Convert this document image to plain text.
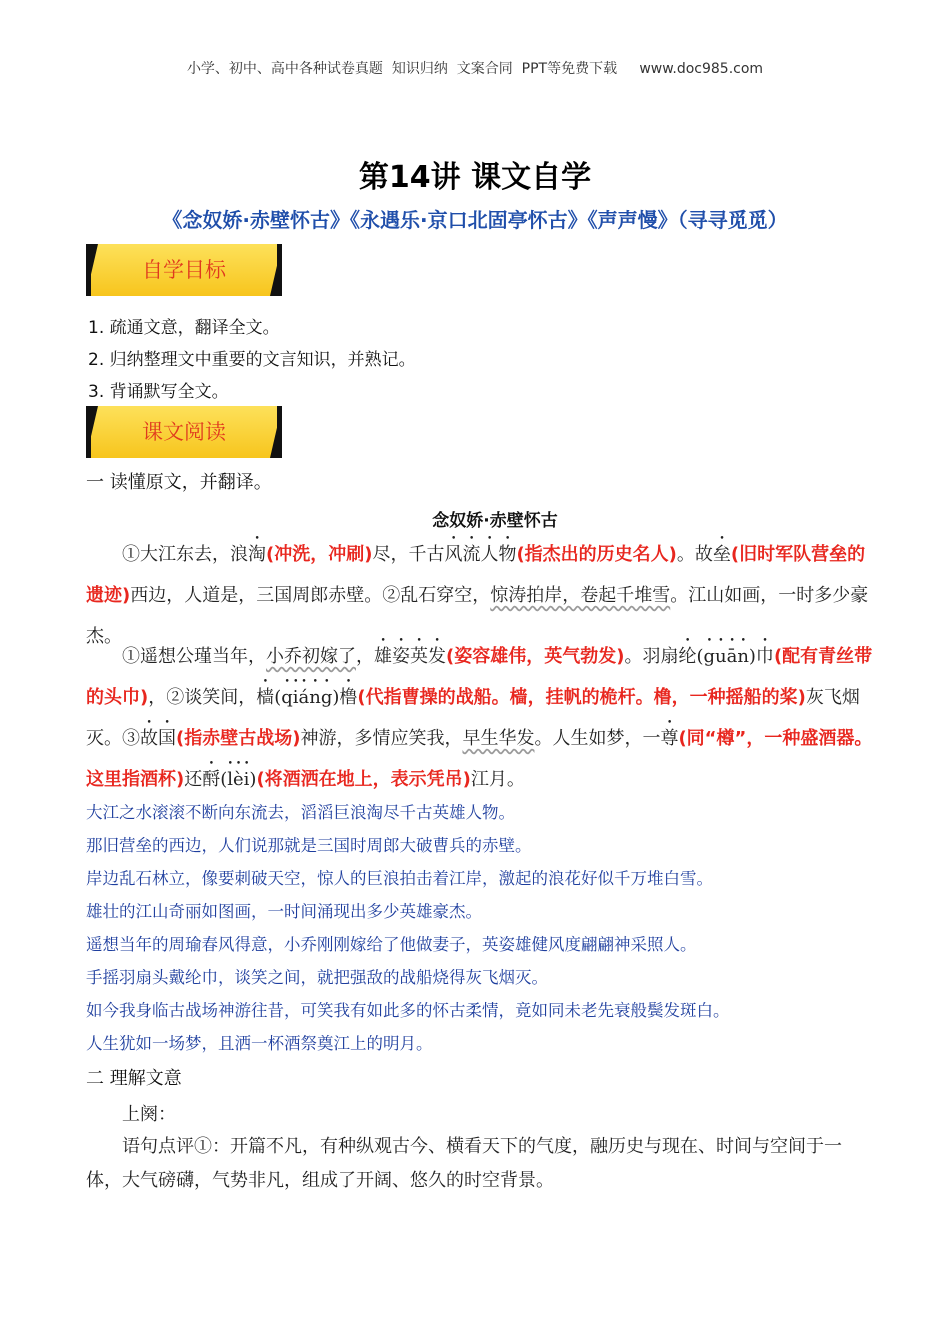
小学、初中、高中各种试卷真题  知识归纳  文案合同  PPT等免费下载     www.doc985.com
第14讲 课文自学
《念奴娇·赤壁怀古》《永遇乐·京口北固亭怀古》《声声慢》（寻寻觅觅）
自学目标
1. 疏通文意，翻译全文。
2. 归纳整理文中重要的文言知识，并熟记。
3. 背诵默写全文。
课文阅读
一 读懂原文，并翻译。
念奴娇·赤壁怀古

①大江东去，浪淘(冲洗，冲刷)尽，千古风流人物(指杰出的历史名人)。故垒(旧时军队营垒的遗迹)西边，人道是，三国周郎赤壁。②乱石穿空，惊涛拍岸，卷起千堆雪。江山如画，一时多少豪杰。

①遥想公瑾当年，小乔初嫁了，雄姿英发(姿容雄伟，英气勃发)。羽扇纶(guān)巾(配有青丝带的头巾)，②谈笑间，樯(qiáng)橹(代指曹操的战船。樯，挂帆的桅杆。橹，一种摇船的桨)灰飞烟灭。③故国(指赤壁古战场)神游，多情应笑我，早生华发。人生如梦，一尊(同“樽”，一种盛酒器。这里指酒杯)还酹(lèi)(将酒洒在地上，表示凭吊)江月。

大江之水滚滚不断向东流去，滔滔巨浪淘尽千古英雄人物。
那旧营垒的西边，人们说那就是三国时周郎大破曹兵的赤壁。
岸边乱石林立，像要刺破天空，惊人的巨浪拍击着江岸，激起的浪花好似千万堆白雪。
雄壮的江山奇丽如图画，一时间涌现出多少英雄豪杰。
遥想当年的周瑜春风得意，小乔刚刚嫁给了他做妻子，英姿雄健风度翩翩神采照人。
手摇羽扇头戴纶巾，谈笑之间，就把强敌的战船烧得灰飞烟灭。
如今我身临古战场神游往昔，可笑我有如此多的怀古柔情，竟如同未老先衰般鬓发斑白。
人生犹如一场梦，且洒一杯酒祭奠江上的明月。
二 理解文意

上阕：

语句点评①：开篇不凡，有种纵观古今、横看天下的气度，融历史与现在、时间与空间于一体，大气磅礴，气势非凡，组成了开阔、悠久的时空背景。
